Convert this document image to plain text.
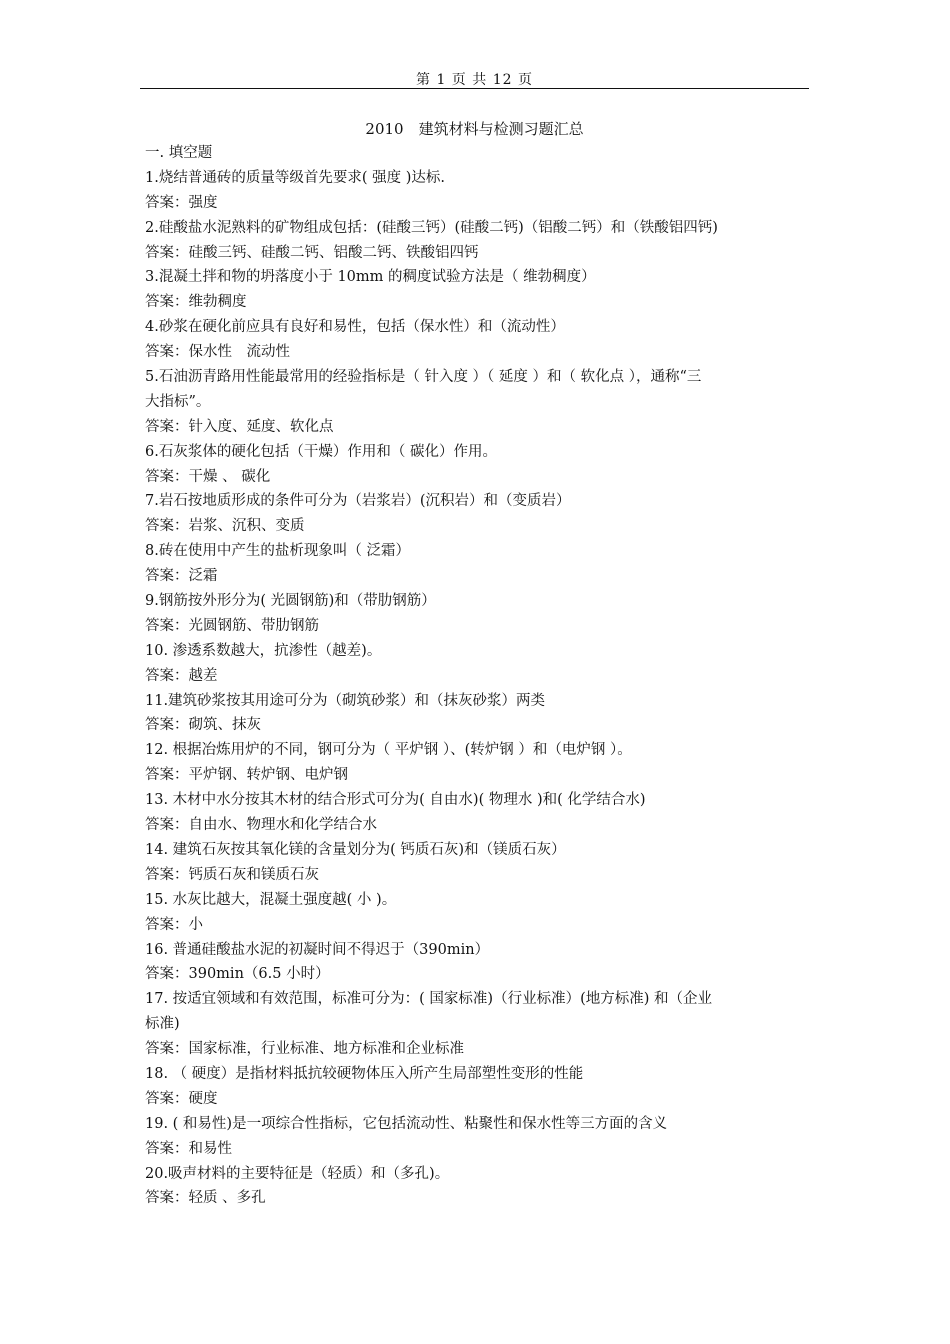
第 1 页 共 12 页
2010　建筑材料与检测习题汇总
一. 填空题
1.烧结普通砖的质量等级首先要求( 强度 )达标.
答案：强度
2.硅酸盐水泥熟料的矿物组成包括：(硅酸三钙）(硅酸二钙)（铝酸二钙）和（铁酸铝四钙)
答案：硅酸三钙、硅酸二钙、铝酸二钙、铁酸铝四钙
3.混凝土拌和物的坍落度小于 10mm 的稠度试验方法是（ 维勃稠度）
答案：维勃稠度
4.砂浆在硬化前应具有良好和易性，包括（保水性）和（流动性）
答案：保水性　流动性
5.石油沥青路用性能最常用的经验指标是（ 针入度 ）（ 延度 ）和（ 软化点 ），通称“三
大指标”。
答案：针入度、延度、软化点
6.石灰浆体的硬化包括（干燥）作用和（ 碳化）作用。
答案：干燥 、 碳化
7.岩石按地质形成的条件可分为（岩浆岩）(沉积岩）和（变质岩）
答案：岩浆、沉积、变质
8.砖在使用中产生的盐析现象叫（ 泛霜）
答案：泛霜
9.钢筋按外形分为( 光圆钢筋)和（带肋钢筋）
答案：光圆钢筋、带肋钢筋
10. 渗透系数越大，抗渗性（越差)。
答案：越差
11.建筑砂浆按其用途可分为（砌筑砂浆）和（抹灰砂浆）两类
答案：砌筑、抹灰
12. 根据冶炼用炉的不同，钢可分为（ 平炉钢 ）、(转炉钢 ）和（电炉钢 ）。
答案：平炉钢、转炉钢、电炉钢
13. 木材中水分按其木材的结合形式可分为( 自由水)( 物理水 )和( 化学结合水)
答案：自由水、物理水和化学结合水
14. 建筑石灰按其氧化镁的含量划分为( 钙质石灰)和（镁质石灰）
答案：钙质石灰和镁质石灰
15. 水灰比越大，混凝土强度越( 小 )。
答案：小
16. 普通硅酸盐水泥的初凝时间不得迟于（390min）
答案：390min（6.5 小时）
17. 按适宜领域和有效范围，标准可分为：( 国家标准)（行业标准）(地方标准) 和（企业
标准)
答案：国家标准，行业标准、地方标准和企业标准
18. （ 硬度）是指材料抵抗较硬物体压入所产生局部塑性变形的性能
答案：硬度
19. ( 和易性)是一项综合性指标，它包括流动性、粘聚性和保水性等三方面的含义
答案：和易性
20.吸声材料的主要特征是（轻质）和（多孔)。
答案：轻质 、多孔
